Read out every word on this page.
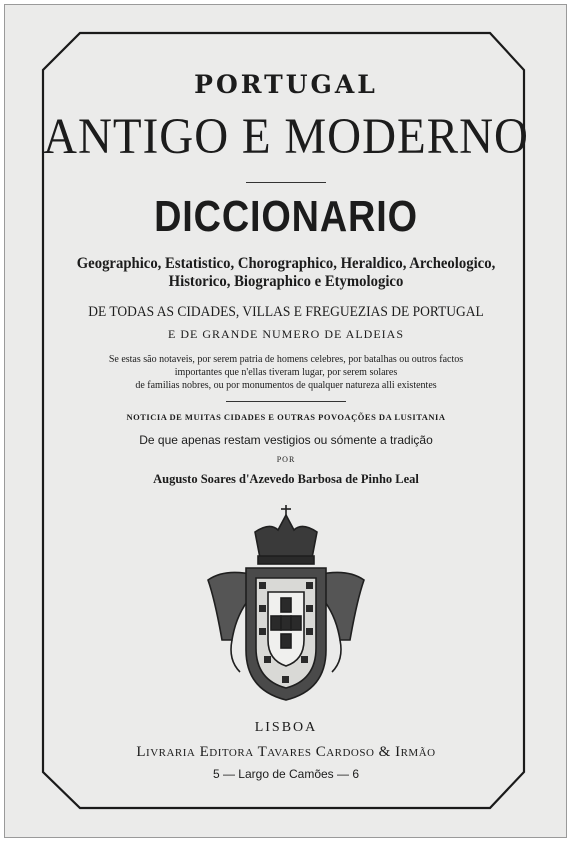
PORTUGAL
ANTIGO E MODERNO
DICCIONARIO
Geographico, Estatistico, Chorographico, Heraldico, Archeologico,
Historico, Biographico e Etymologico
DE TODAS AS CIDADES, VILLAS E FREGUEZIAS DE PORTUGAL
E DE GRANDE NUMERO DE ALDEIAS
Se estas são notaveis, por serem patria de homens celebres, por batalhas ou outros factos
importantes que n'ellas tiveram lugar, por serem solares
de familias nobres, ou por monumentos de qualquer natureza alli existentes
NOTICIA DE MUITAS CIDADES E OUTRAS POVOAÇÕES DA LUSITANIA
De que apenas restam vestigios ou sómente a tradição
POR
Augusto Soares d'Azevedo Barbosa de Pinho Leal
LISBOA
Livraria Editora Tavares Cardoso & Irmão
5 — Largo de Camões — 6
